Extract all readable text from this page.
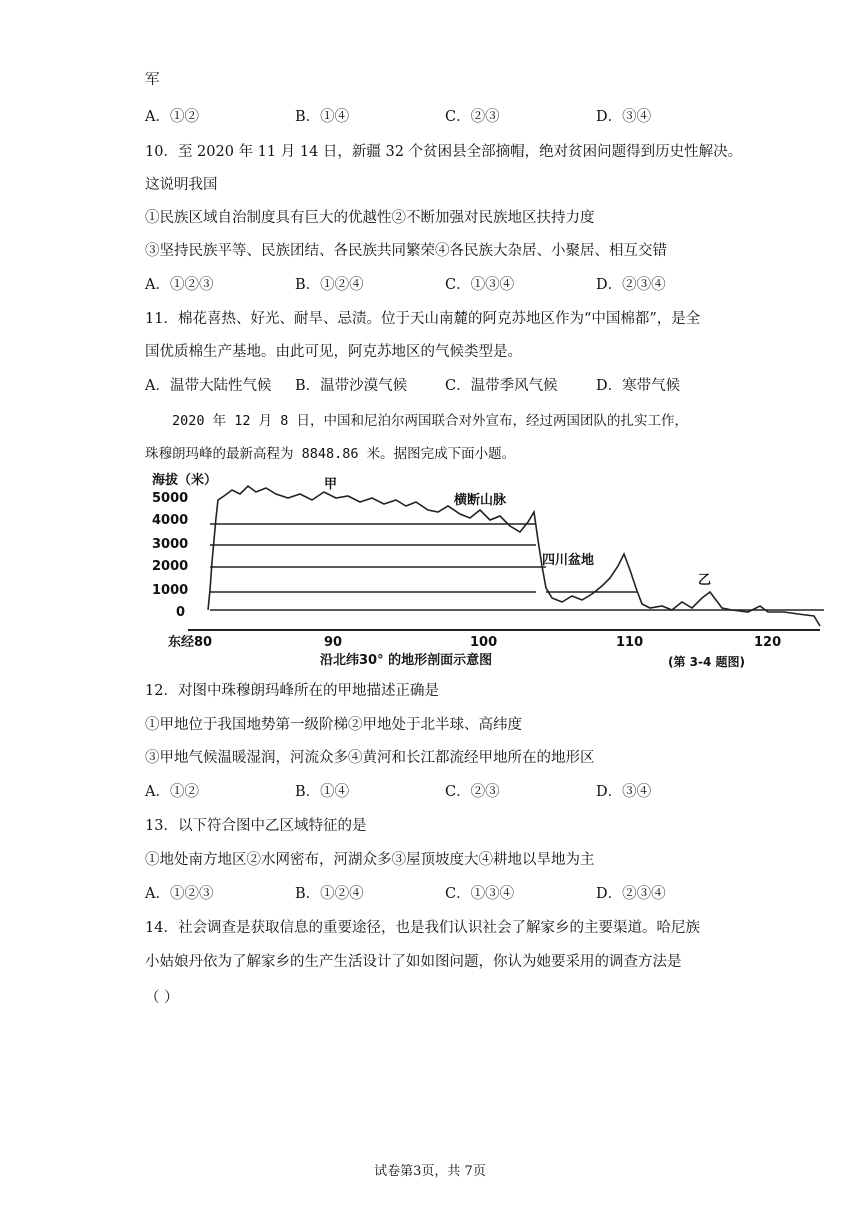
军
A．①②	B．①④	C．②③	D．③④
10．至 2020 年 11 月 14 日，新疆 32 个贫困县全部摘帽，绝对贫困问题得到历史性解决。
这说明我国
①民族区域自治制度具有巨大的优越性②不断加强对民族地区扶持力度
③坚持民族平等、民族团结、各民族共同繁荣④各民族大杂居、小聚居、相互交错
A．①②③	B．①②④	C．①③④	D．②③④
11．棉花喜热、好光、耐旱、忌渍。位于天山南麓的阿克苏地区作为“中国棉都”，是全
国优质棉生产基地。由此可见，阿克苏地区的气候类型是。
A．温带大陆性气候 B．温带沙漠气候	C．温带季风气候	D．寒带气候
2020 年 12 月 8 日，中国和尼泊尔两国联合对外宣布，经过两国团队的扎实工作，
珠穆朗玛峰的最新高程为 8848.86 米。据图完成下面小题。
海拔（米）
5000
4000
3000
2000
1000
0
东经80	90	100	110	120
甲
横断山脉
四川盆地
乙
沿北纬30° 的地形剖面示意图	(第 3-4 题图)
12．对图中珠穆朗玛峰所在的甲地描述正确是
①甲地位于我国地势第一级阶梯②甲地处于北半球、高纬度
③甲地气候温暖湿润，河流众多④黄河和长江都流经甲地所在的地形区
A．①②	B．①④	C．②③	D．③④
13．以下符合图中乙区域特征的是
①地处南方地区②水网密布，河湖众多③屋顶坡度大④耕地以旱地为主
A．①②③	B．①②④	C．①③④	D．②③④
14．社会调查是获取信息的重要途径，也是我们认识社会了解家乡的主要渠道。哈尼族
小姑娘丹依为了解家乡的生产生活设计了如如图问题，你认为她要采用的调查方法是
（ ）
试卷第3页，共 7页
